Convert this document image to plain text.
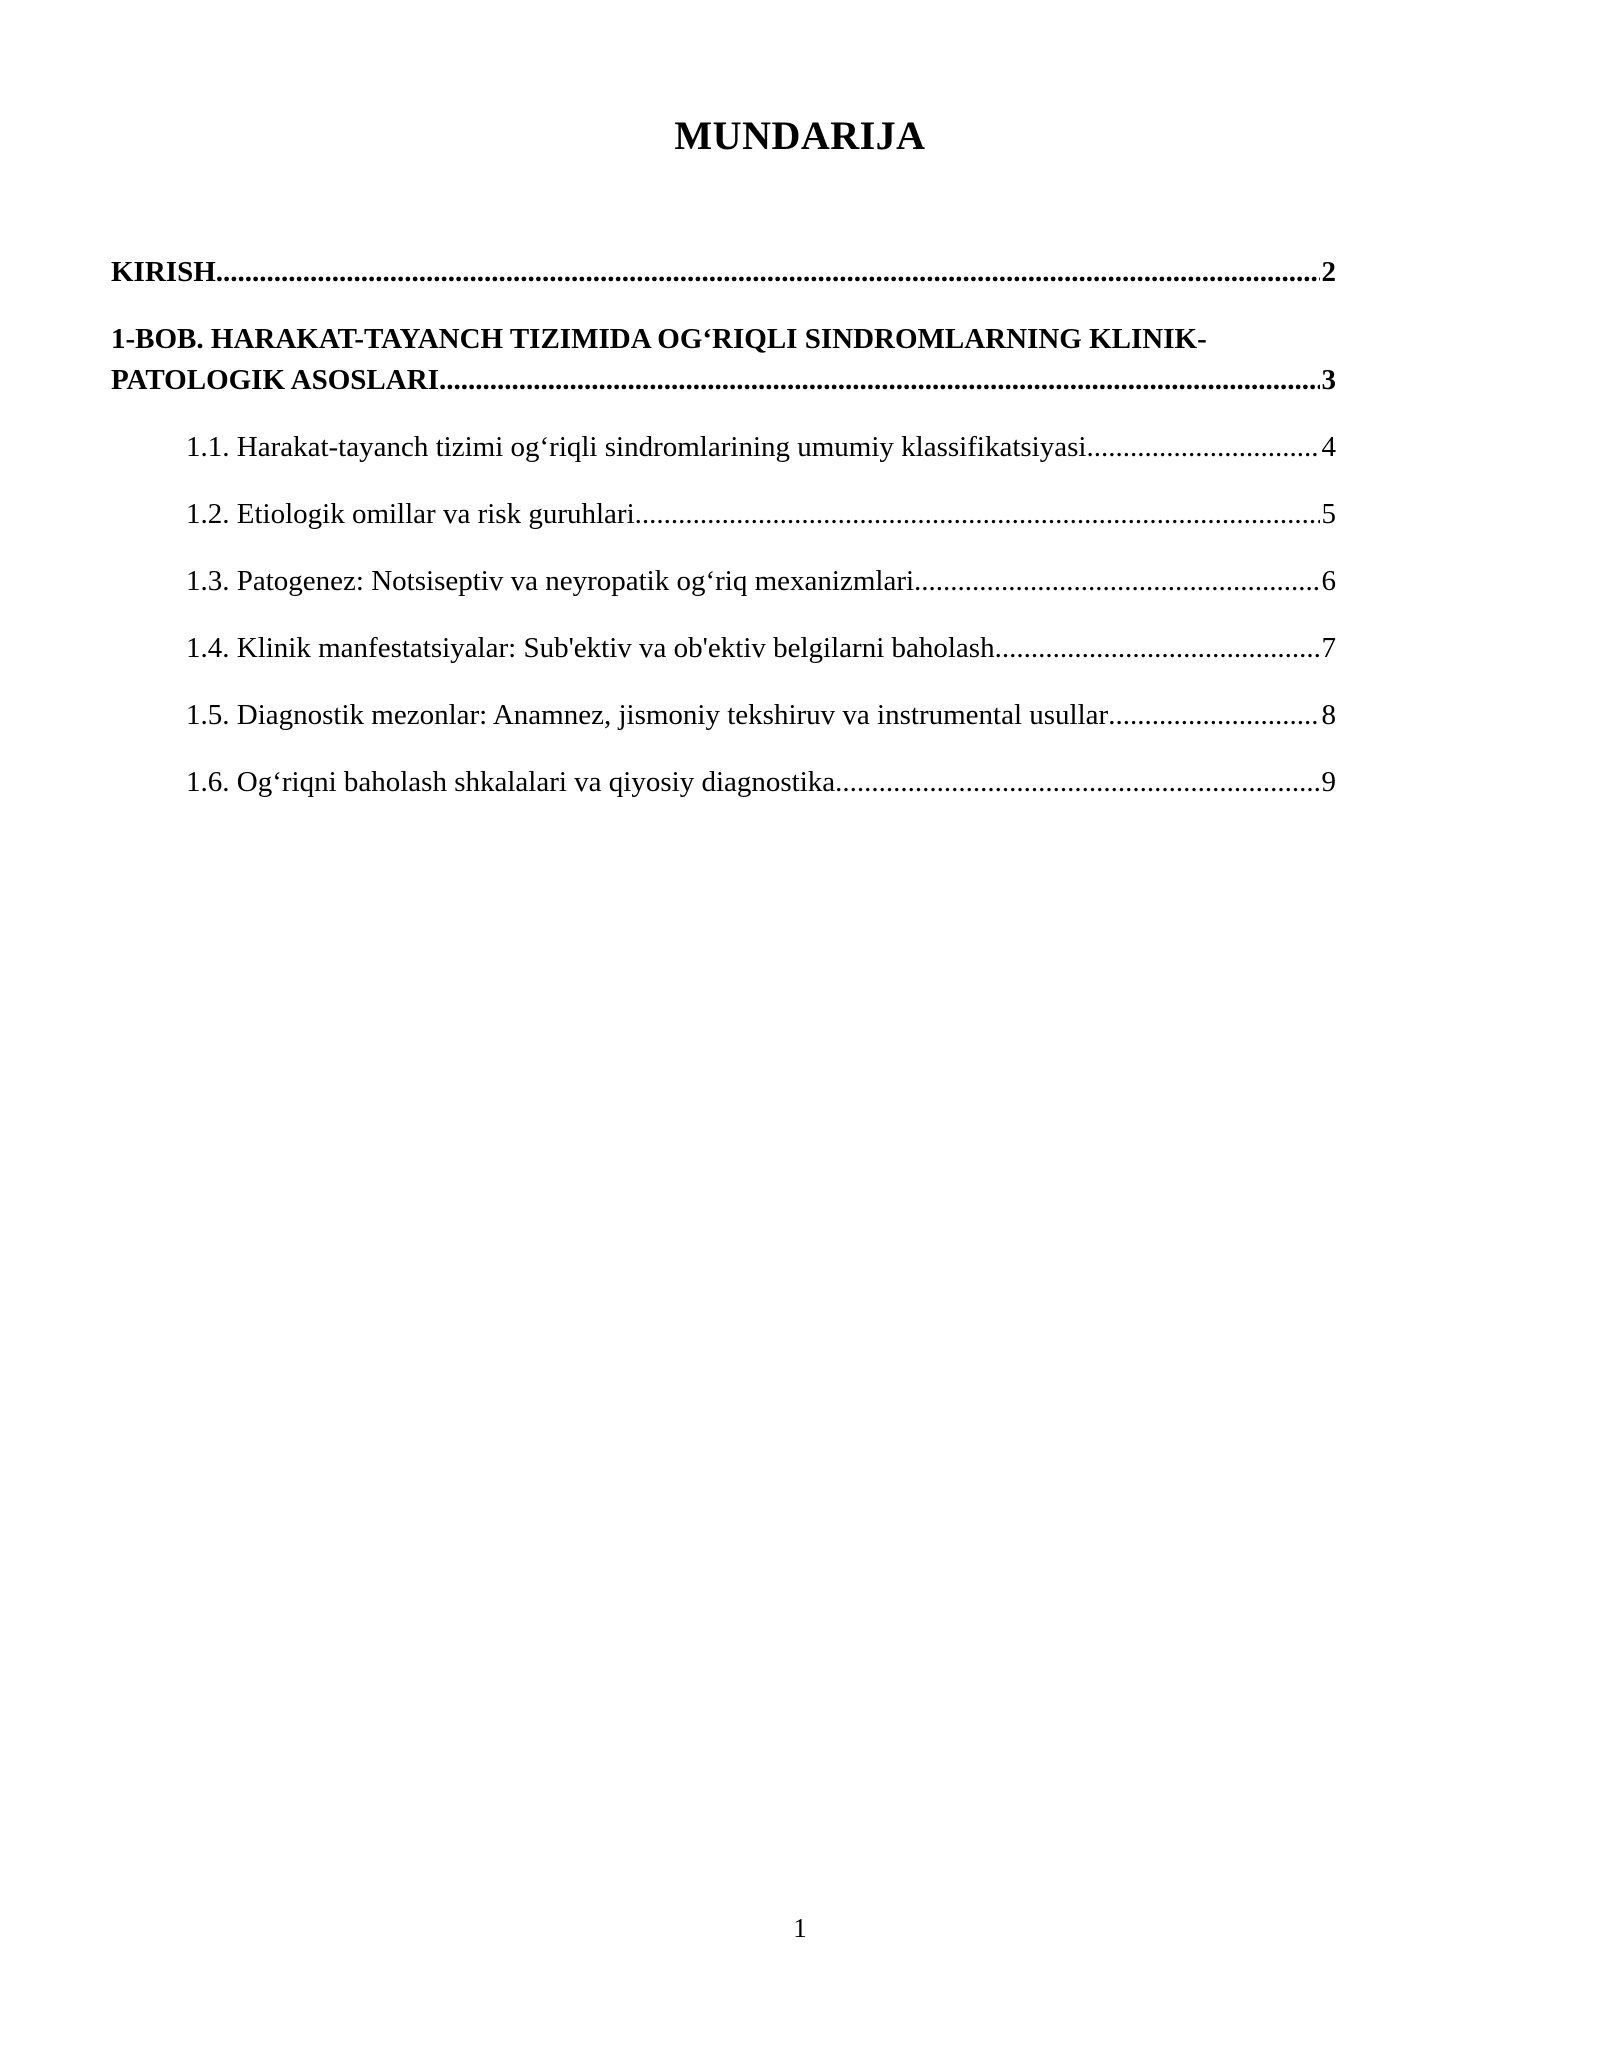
MUNDARIJA
KIRISH .....	2
1-BOB. HARAKAT-TAYANCH TIZIMIDA OG‘RIQLI SINDROMLARNING KLINIK-
PATOLOGIK ASOSLARI .....	3
1.1. Harakat-tayanch tizimi og‘riqli sindromlarining umumiy klassifikatsiyasi .....	4
1.2. Etiologik omillar va risk guruhlari .....	5
1.3. Patogenez: Notsiseptiv va neyropatik og‘riq mexanizmlari .....	6
1.4. Klinik manfestatsiyalar: Sub'ektiv va ob'ektiv belgilarni baholash .....	7
1.5. Diagnostik mezonlar: Anamnez, jismoniy tekshiruv va instrumental usullar .....	8
1.6. Og‘riqni baholash shkalalari va qiyosiy diagnostika .....	9
1
